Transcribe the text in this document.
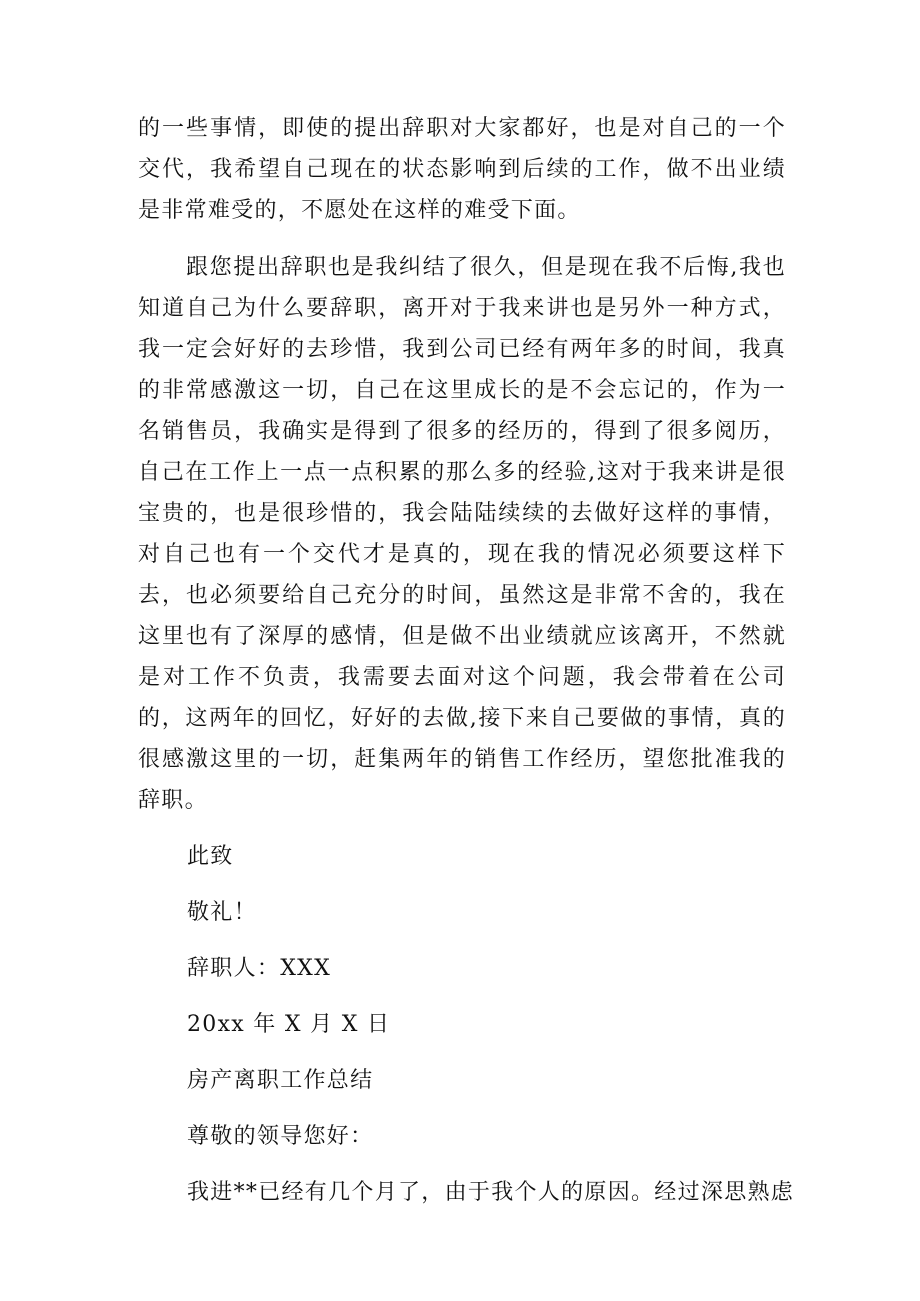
的一些事情，即使的提出辞职对大家都好，也是对自己的一个交代，我希望自己现在的状态影响到后续的工作，做不出业绩是非常难受的，不愿处在这样的难受下面。

跟您提出辞职也是我纠结了很久，但是现在我不后悔,我也知道自己为什么要辞职，离开对于我来讲也是另外一种方式，我一定会好好的去珍惜，我到公司已经有两年多的时间，我真的非常感激这一切，自己在这里成长的是不会忘记的，作为一名销售员，我确实是得到了很多的经历的，得到了很多阅历，自己在工作上一点一点积累的那么多的经验,这对于我来讲是很宝贵的，也是很珍惜的，我会陆陆续续的去做好这样的事情，对自己也有一个交代才是真的，现在我的情况必须要这样下去，也必须要给自己充分的时间，虽然这是非常不舍的，我在这里也有了深厚的感情，但是做不出业绩就应该离开，不然就是对工作不负责，我需要去面对这个问题，我会带着在公司的，这两年的回忆，好好的去做,接下来自己要做的事情，真的很感激这里的一切，赶集两年的销售工作经历，望您批准我的辞职。

此致

敬礼！

辞职人：XXX

20xx 年 X 月 X 日

房产离职工作总结

尊敬的领导您好：

我进**已经有几个月了，由于我个人的原因。经过深思熟虑
